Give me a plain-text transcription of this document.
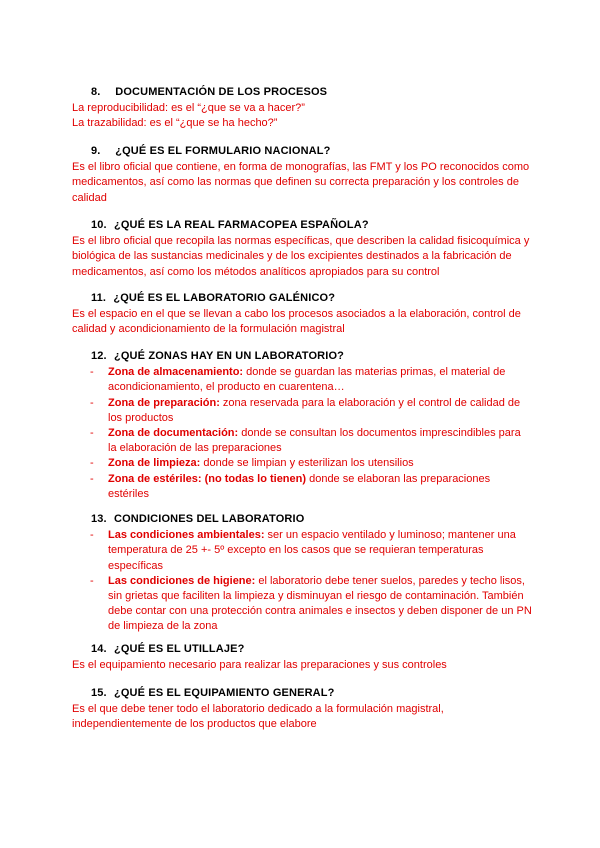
8. DOCUMENTACIÓN DE LOS PROCESOS
La reproducibilidad: es el “¿que se va a hacer?”
La trazabilidad: es el “¿que se ha hecho?”
9. ¿QUÉ ES EL FORMULARIO NACIONAL?
Es el libro oficial que contiene, en forma de monografías, las FMT y los PO reconocidos como medicamentos, así como las normas que definen su correcta preparación y los controles de calidad
10. ¿QUÉ ES LA REAL FARMACOPEA ESPAÑOLA?
Es el libro oficial que recopila las normas específicas, que describen la calidad fisicoquímica y biológica de las sustancias medicinales y de los excipientes destinados a la fabricación de medicamentos, así como los métodos analíticos apropiados para su control
11. ¿QUÉ ES EL LABORATORIO GALÉNICO?
Es el espacio en el que se llevan a cabo los procesos asociados a la elaboración, control de calidad y acondicionamiento de la formulación magistral
12. ¿QUÉ ZONAS HAY EN UN LABORATORIO?
- Zona de almacenamiento: donde se guardan las materias primas, el material de acondicionamiento, el producto en cuarentena…
- Zona de preparación: zona reservada para la elaboración y el control de calidad de los productos
- Zona de documentación: donde se consultan los documentos imprescindibles para la elaboración de las preparaciones
- Zona de limpieza: donde se limpian y esterilizan los utensilios
- Zona de estériles: (no todas lo tienen) donde se elaboran las preparaciones estériles
13. CONDICIONES DEL LABORATORIO
- Las condiciones ambientales: ser un espacio ventilado y luminoso; mantener una temperatura de 25 +- 5º excepto en los casos que se requieran temperaturas específicas
- Las condiciones de higiene: el laboratorio debe tener suelos, paredes y techo lisos, sin grietas que faciliten la limpieza y disminuyan el riesgo de contaminación. También debe contar con una protección contra animales e insectos y deben disponer de un PN de limpieza de la zona
14. ¿QUÉ ES EL UTILLAJE?
Es el equipamiento necesario para realizar las preparaciones y sus controles
15. ¿QUÉ ES EL EQUIPAMIENTO GENERAL?
Es el que debe tener todo el laboratorio dedicado a la formulación magistral, independientemente de los productos que elabore
